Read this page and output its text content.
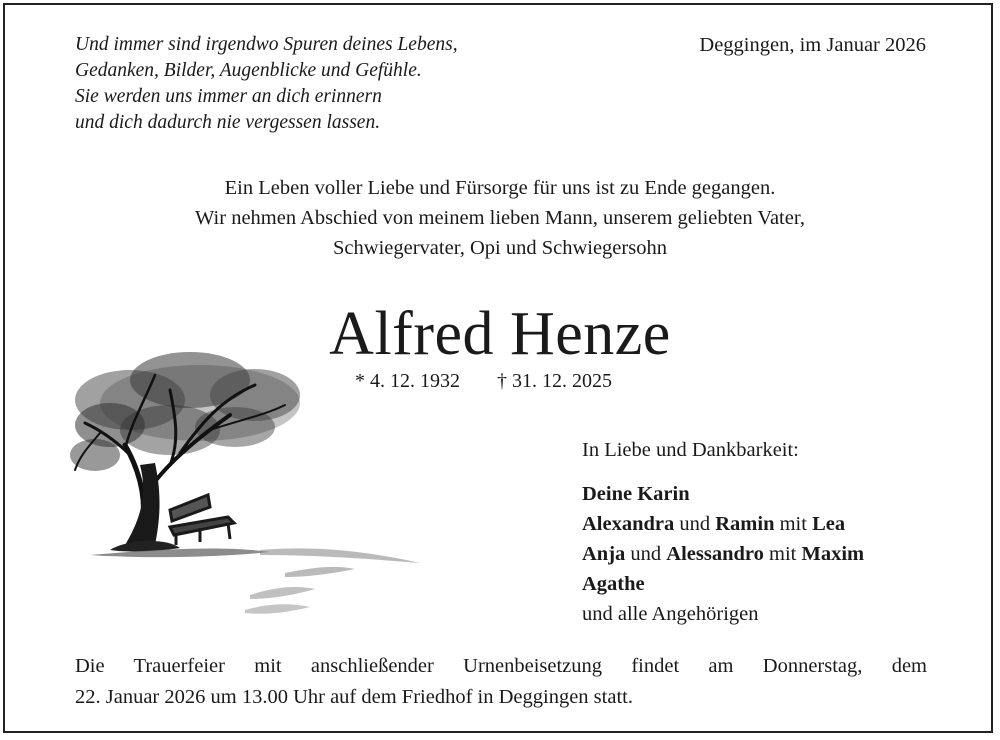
Und immer sind irgendwo Spuren deines Lebens,
Gedanken, Bilder, Augenblicke und Gefühle.
Sie werden uns immer an dich erinnern
und dich dadurch nie vergessen lassen.
Deggingen, im Januar 2026
Ein Leben voller Liebe und Fürsorge für uns ist zu Ende gegangen.
Wir nehmen Abschied von meinem lieben Mann, unserem geliebten Vater,
Schwiegervater, Opi und Schwiegersohn
Alfred Henze
* 4. 12. 1932 † 31. 12. 2025
In Liebe und Dankbarkeit:
Deine Karin
Alexandra und Ramin mit Lea
Anja und Alessandro mit Maxim
Agathe
und alle Angehörigen
Die Trauerfeier mit anschließender Urnenbeisetzung findet am Donnerstag, dem
22. Januar 2026 um 13.00 Uhr auf dem Friedhof in Deggingen statt.
